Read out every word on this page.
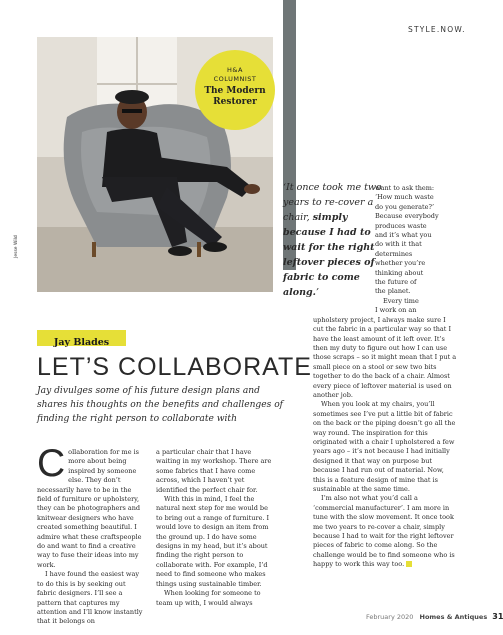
STYLE.NOW.
Jesse Wild
H&A
COLUMNIST
The Modern Restorer
‘It once took me two years to re-cover a chair, simply because I had to wait for the right leftover pieces of fabric to come along.’
Jay Blades
LET’S COLLABORATE
Jay divulges some of his future design plans and shares his thoughts on the benefits and challenges of finding the right person to collaborate with

Collaboration for me is more about being inspired by someone else. They don’t necessarily have to be in the field of furniture or upholstery, they can be photographers and knitwear designers who have created something beautiful. I admire what these craftspeople do and want to find a creative way to fuse their ideas into my work.

I have found the easiest way to do this is by seeking out fabric designers. I’ll see a pattern that captures my attention and I’ll know instantly that it belongs on

a particular chair that I have waiting in my workshop. There are some fabrics that I have come across, which I haven’t yet identified the perfect chair for.

With this in mind, I feel the natural next step for me would be to bring out a range of furniture. I would love to design an item from the ground up. I do have some designs in my head, but it’s about finding the right person to collaborate with. For example, I’d need to find someone who makes things using sustainable timber.

When looking for someone to team up with, I would always

want to ask them:
‘How much waste
do you generate?’
Because everybody
produces waste
and it’s what you
do with it that
determines
whether you’re
thinking about
the future of
the planet.
Every time
I work on an

upholstery project, I always make sure I cut the fabric in a particular way so that I have the least amount of it left over. It’s then my duty to figure out how I can use those scraps – so it might mean that I put a small piece on a stool or sew two bits together to do the back of a chair. Almost every piece of leftover material is used on another job.

When you look at my chairs, you’ll sometimes see I’ve put a little bit of fabric on the back or the piping doesn’t go all the way round. The inspiration for this originated with a chair I upholstered a few years ago – it’s not because I had initially designed it that way on purpose but because I had run out of material. Now, this is a feature design of mine that is sustainable at the same time.

I’m also not what you’d call a ‘commercial manufacturer’. I am more in tune with the slow movement. It once took me two years to re-cover a chair, simply because I had to wait for the right leftover pieces of fabric to come along. So the challenge would be to find someone who is happy to work this way too.

February 2020 Homes & Antiques 31
